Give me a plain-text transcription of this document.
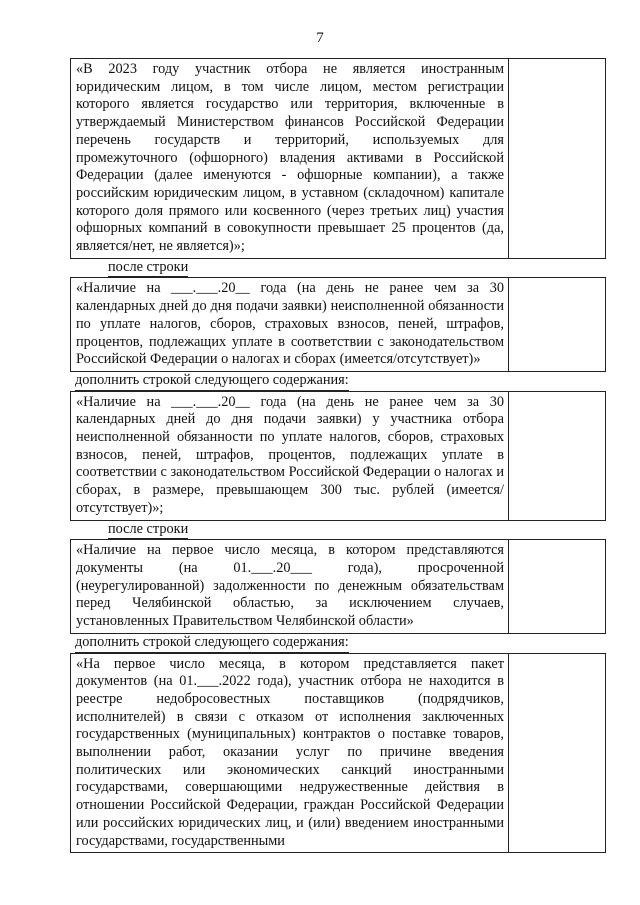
7
«В 2023 году участник отбора не является иностранным юридическим лицом, в том числе лицом, местом регистрации которого является государство или территория, включенные в утверждаемый Министерством финансов Российской Федерации перечень государств и территорий, используемых для промежуточного (офшорного) владения активами в Российской Федерации (далее именуются - офшорные компании), а также российским юридическим лицом, в уставном (складочном) капитале которого доля прямого или косвенного (через третьих лиц) участия офшорных компаний в совокупности превышает 25 процентов (да, является/нет, не является)»;	
после строки
«Наличие на ___.___.20__ года (на день не ранее чем за 30 календарных дней до дня подачи заявки) неисполненной обязанности по уплате налогов, сборов, страховых взносов, пеней, штрафов, процентов, подлежащих уплате в соответствии с законодательством Российской Федерации о налогах и сборах (имеется/отсутствует)»	
дополнить строкой следующего содержания:
«Наличие на ___.___.20__ года (на день не ранее чем за 30 календарных дней до дня подачи заявки) у участника отбора неисполненной обязанности по уплате налогов, сборов, страховых взносов, пеней, штрафов, процентов, подлежащих уплате в соответствии с законодательством Российской Федерации о налогах и сборах, в размере, превышающем 300 тыс. рублей (имеется/отсутствует)»;	
после строки
«Наличие на первое число месяца, в котором представляются документы (на 01.___.20___ года), просроченной (неурегулированной) задолженности по денежным обязательствам перед Челябинской областью, за исключением случаев, установленных Правительством Челябинской области»	
дополнить строкой следующего содержания:
«На первое число месяца, в котором представляется пакет документов (на 01.___.2022 года), участник отбора не находится в реестре недобросовестных поставщиков (подрядчиков, исполнителей) в связи с отказом от исполнения заключенных государственных (муниципальных) контрактов о поставке товаров, выполнении работ, оказании услуг по причине введения политических или экономических санкций иностранными государствами, совершающими недружественные действия в отношении Российской Федерации, граждан Российской Федерации или российских юридических лиц, и (или) введением иностранными государствами, государственными	
